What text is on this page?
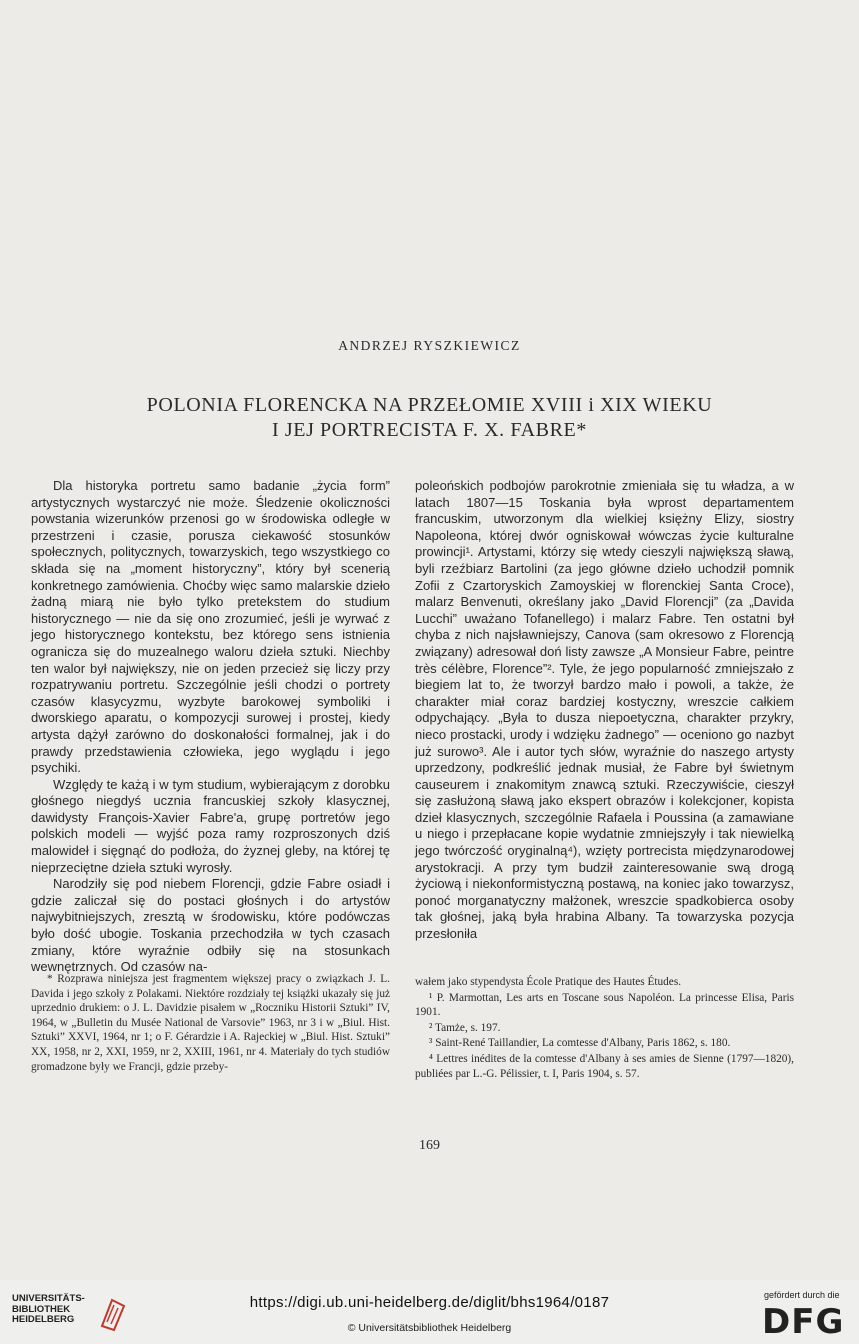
ANDRZEJ RYSZKIEWICZ
POLONIA FLORENCKA NA PRZEŁOMIE XVIII i XIX WIEKU
I JEJ PORTRECISTA F. X. FABRE*

Dla historyka portretu samo badanie „życia form” artystycznych wystarczyć nie może. Śledzenie okoliczności powstania wizerunków przenosi go w środowiska odległe w przestrzeni i czasie, porusza ciekawość stosunków społecznych, politycznych, towarzyskich, tego wszystkiego co składa się na „moment historyczny”, który był scenerią konkretnego zamówienia. Choćby więc samo malarskie dzieło żadną miarą nie było tylko pretekstem do studium historycznego — nie da się ono zrozumieć, jeśli je wyrwać z jego historycznego kontekstu, bez którego sens istnienia ogranicza się do muzealnego waloru dzieła sztuki. Niechby ten walor był największy, nie on jeden przecież się liczy przy rozpatrywaniu portretu. Szczególnie jeśli chodzi o portrety czasów klasycyzmu, wyzbyte barokowej symboliki i dworskiego aparatu, o kompozycji surowej i prostej, kiedy artysta dążył zarówno do doskonałości formalnej, jak i do prawdy przedstawienia człowieka, jego wyglądu i jego psychiki.

Względy te każą i w tym studium, wybierającym z dorobku głośnego niegdyś ucznia francuskiej szkoły klasycznej, dawidysty François-Xavier Fabre'a, grupę portretów jego polskich modeli — wyjść poza ramy rozproszonych dziś malowideł i sięgnąć do podłoża, do żyznej gleby, na której tę nieprzeciętne dzieła sztuki wyrosły.

Narodziły się pod niebem Florencji, gdzie Fabre osiadł i gdzie zaliczał się do postaci głośnych i do artystów najwybitniejszych, zresztą w środowisku, które podówczas było dość ubogie. Toskania przechodziła w tych czasach zmiany, które wyraźnie odbiły się na stosunkach wewnętrznych. Od czasów na-

poleońskich podbojów parokrotnie zmieniała się tu władza, a w latach 1807—15 Toskania była wprost departamentem francuskim, utworzonym dla wielkiej księżny Elizy, siostry Napoleona, której dwór ogniskował wówczas życie kulturalne prowincji¹. Artystami, którzy się wtedy cieszyli największą sławą, byli rzeźbiarz Bartolini (za jego główne dzieło uchodził pomnik Zofii z Czartoryskich Zamoyskiej w florenckiej Santa Croce), malarz Benvenuti, określany jako „David Florencji” (za „Davida Lucchi” uważano Tofanellego) i malarz Fabre. Ten ostatni był chyba z nich najsławniejszy, Canova (sam okresowo z Florencją związany) adresował doń listy zawsze „A Monsieur Fabre, peintre très célèbre, Florence”². Tyle, że jego popularność zmniejszało z biegiem lat to, że tworzył bardzo mało i powoli, a także, że charakter miał coraz bardziej kostyczny, wreszcie całkiem odpychający. „Była to dusza niepoetyczna, charakter przykry, nieco prostacki, urody i wdzięku żadnego” — oceniono go nazbyt już surowo³. Ale i autor tych słów, wyraźnie do naszego artysty uprzedzony, podkreślić jednak musiał, że Fabre był świetnym causeurem i znakomitym znawcą sztuki. Rzeczywiście, cieszył się zasłużoną sławą jako ekspert obrazów i kolekcjoner, kopista dzieł klasycznych, szczególnie Rafaela i Poussina (a zamawiane u niego i przepłacane kopie wydatnie zmniejszyły i tak niewielką jego twórczość oryginalną⁴), wzięty portrecista międzynarodowej arystokracji. A przy tym budził zainteresowanie swą drogą życiową i niekonformistyczną postawą, na koniec jako towarzysz, ponoć morganatyczny małżonek, wreszcie spadkobierca osoby tak głośnej, jaką była hrabina Albany. Ta towarzyska pozycja przesłoniła

* Rozprawa niniejsza jest fragmentem większej pracy o związkach J. L. Davida i jego szkoły z Polakami. Niektóre rozdziały tej książki ukazały się już uprzednio drukiem: o J. L. Davidzie pisałem w „Roczniku Historii Sztuki” IV, 1964, w „Bulletin du Musée National de Varsovie” 1963, nr 3 i w „Biul. Hist. Sztuki” XXVI, 1964, nr 1; o F. Gérardzie i A. Rajeckiej w „Biul. Hist. Sztuki” XX, 1958, nr 2, XXI, 1959, nr 2, XXIII, 1961, nr 4. Materiały do tych studiów gromadzone były we Francji, gdzie przeby-

wałem jako stypendysta École Pratique des Hautes Études.

¹ P. Marmottan, Les arts en Toscane sous Napoléon. La princesse Elisa, Paris 1901.

² Tamże, s. 197.

³ Saint-René Taillandier, La comtesse d'Albany, Paris 1862, s. 180.

⁴ Lettres inédites de la comtesse d'Albany à ses amies de Sienne (1797—1820), publiées par L.-G. Pélissier, t. I, Paris 1904, s. 57.

169
UNIVERSITÄTS-
BIBLIOTHEK
HEIDELBERG
https://digi.ub.uni-heidelberg.de/diglit/bhs1964/0187
© Universitätsbibliothek Heidelberg
gefördert durch die
DFG
